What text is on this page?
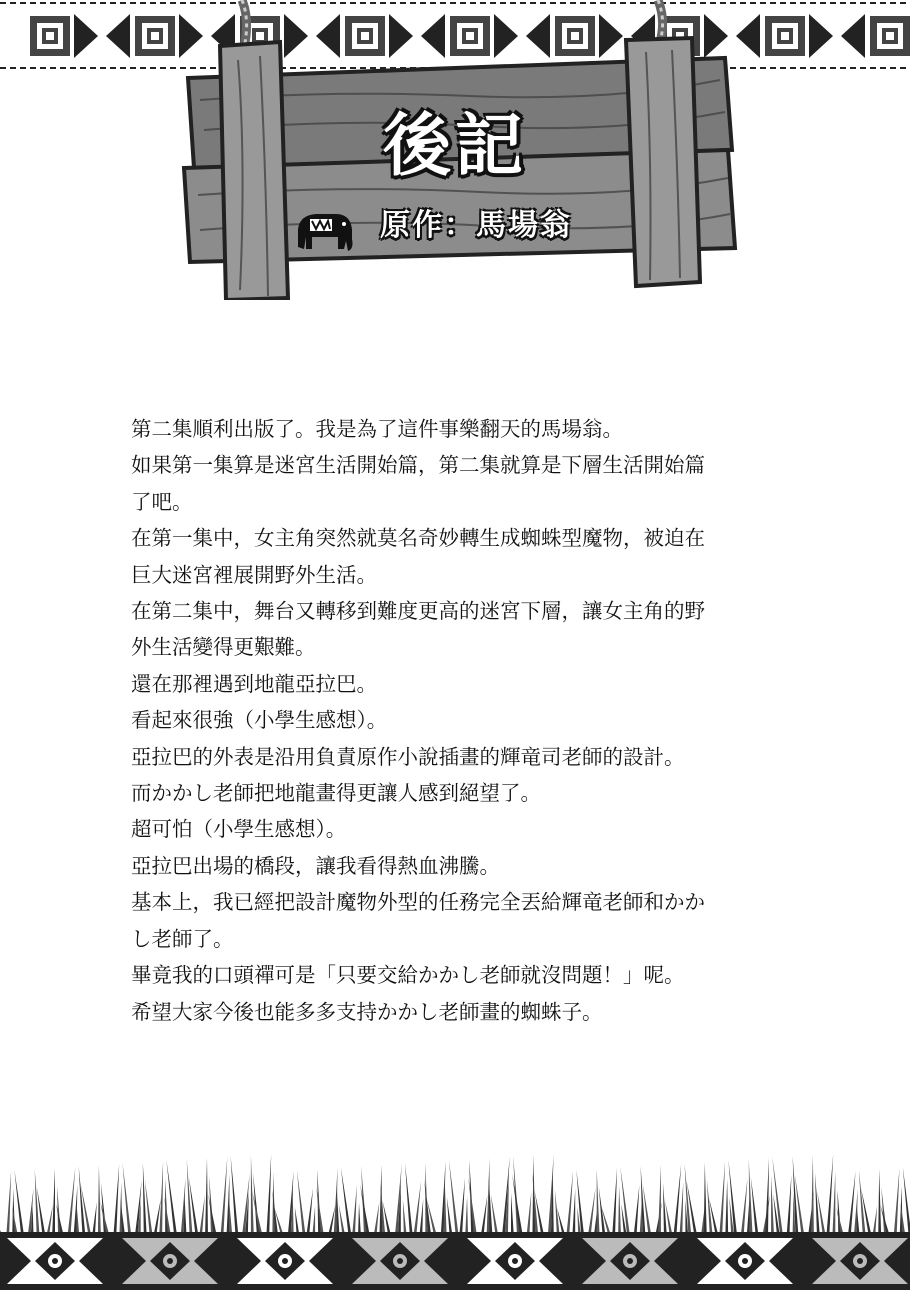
後記
原作：馬場翁

第二集順利出版了。我是為了這件事樂翻天的馬場翁。

如果第一集算是迷宮生活開始篇，第二集就算是下層生活開始篇

了吧。

在第一集中，女主角突然就莫名奇妙轉生成蜘蛛型魔物，被迫在

巨大迷宮裡展開野外生活。

在第二集中，舞台又轉移到難度更高的迷宮下層，讓女主角的野

外生活變得更艱難。

還在那裡遇到地龍亞拉巴。

看起來很強（小學生感想）。

亞拉巴的外表是沿用負責原作小說插畫的輝竜司老師的設計。

而かかし老師把地龍畫得更讓人感到絕望了。

超可怕（小學生感想）。

亞拉巴出場的橋段，讓我看得熱血沸騰。

基本上，我已經把設計魔物外型的任務完全丟給輝竜老師和かか

し老師了。

畢竟我的口頭禪可是「只要交給かかし老師就沒問題！」呢。

希望大家今後也能多多支持かかし老師畫的蜘蛛子。
